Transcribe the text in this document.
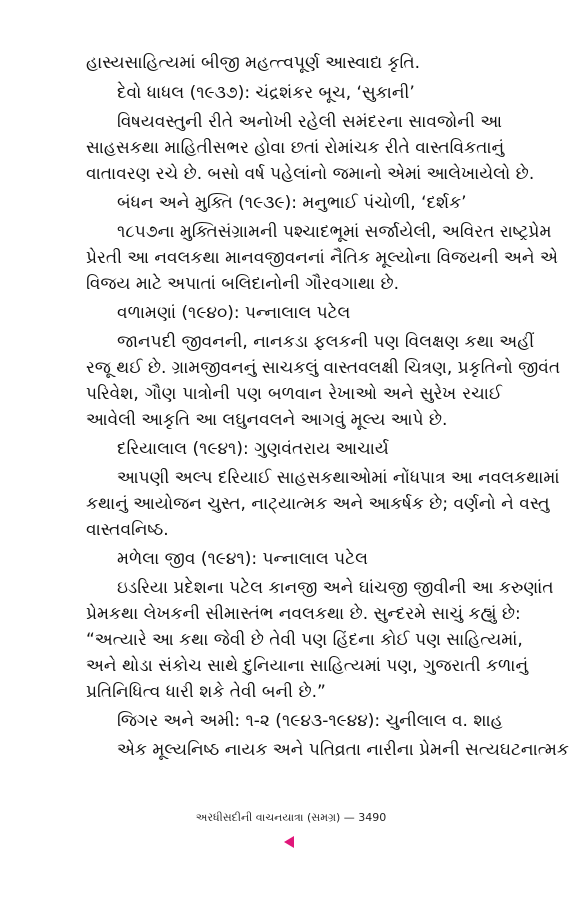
હાસ્યસાહિત્યમાં બીજી મહત્ત્વપૂર્ણ આસ્વાદ્ય કૃતિ.
દેવો ધાધલ (૧૯૩૭): ચંદ્રશંકર બૂચ, ‘સુકાની’
વિષયવસ્તુની રીતે અનોખી રહેલી સમંદરના સાવજોની આ
સાહસકથા માહિતીસભર હોવા છતાં રોમાંચક રીતે વાસ્તવિકતાનું
વાતાવરણ રચે છે. બસો વર્ષ પહેલાંનો જમાનો એમાં આલેખાયેલો છે.
બંધન અને મુક્તિ (૧૯૩૯): મનુભાઈ પંચોળી, ‘દર્શક’
૧૮૫૭ના મુક્તિસંગ્રામની પશ્ચાદભૂમાં સર્જાયેલી, અવિરત રાષ્ટ્રપ્રેમ
પ્રેરતી આ નવલકથા માનવજીવનનાં નૈતિક મૂલ્યોના વિજયની અને એ
વિજય માટે અપાતાં બલિદાનોની ગૌરવગાથા છે.
વળામણાં (૧૯૪૦): પન્નાલાલ પટેલ
જાનપદી જીવનની, નાનકડા ફલકની પણ વિલક્ષણ કથા અહીં
રજૂ થઈ છે. ગ્રામજીવનનું સાચકલું વાસ્તવલક્ષી ચિત્રણ, પ્રકૃતિનો જીવંત
પરિવેશ, ગૌણ પાત્રોની પણ બળવાન રેખાઓ અને સુરેખ રચાઈ
આવેલી આકૃતિ આ લઘુનવલને આગવું મૂલ્ય આપે છે.
દરિયાલાલ (૧૯૪૧): ગુણવંતરાય આચાર્ય
આપણી અલ્પ દરિયાઈ સાહસકથાઓમાં નોંધપાત્ર આ નવલકથામાં
કથાનું આયોજન ચુસ્ત, નાટ્યાત્મક અને આકર્ષક છે; વર્ણનો ને વસ્તુ
વાસ્તવનિષ્ઠ.
મળેલા જીવ (૧૯૪૧): પન્નાલાલ પટેલ
ઇડરિયા પ્રદેશના પટેલ કાનજી અને ઘાંચજી જીવીની આ કરુણાંત
પ્રેમકથા લેખકની સીમાસ્તંભ નવલકથા છે. સુન્દરમે સાચું કહ્યું છે:
“અત્યારે આ કથા જેવી છે તેવી પણ હિંદના કોઈ પણ સાહિત્યમાં,
અને થોડા સંકોચ સાથે દુનિયાના સાહિત્યમાં પણ, ગુજરાતી કળાનું
પ્રતિનિધિત્વ ધારી શકે તેવી બની છે.”
જિગર અને અમી: ૧-૨ (૧૯૪૩-૧૯૪૪): ચુનીલાલ વ. શાહ
એક મૂલ્યનિષ્ઠ નાયક અને પતિવ્રતા નારીના પ્રેમની સત્યઘટનાત્મક
અરધીસદીની વાચનયાત્રા (સમગ્ર) — 3490
